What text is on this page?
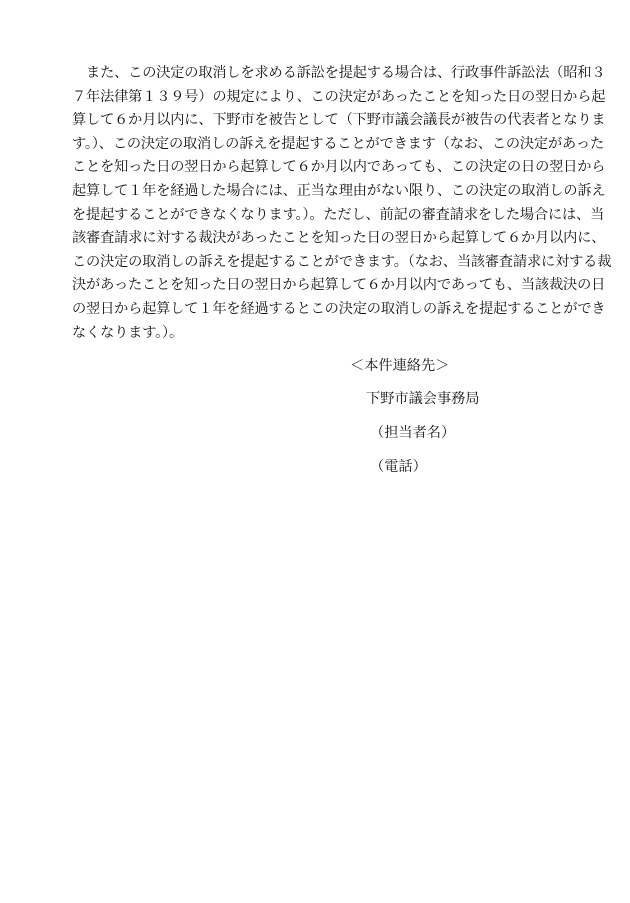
　また、この決定の取消しを求める訴訟を提起する場合は、行政事件訴訟法（昭和３
７年法律第１３９号）の規定により、この決定があったことを知った日の翌日から起
算して６か月以内に、下野市を被告として（下野市議会議長が被告の代表者となりま
す。）、この決定の取消しの訴えを提起することができます（なお、この決定があった
ことを知った日の翌日から起算して６か月以内であっても、この決定の日の翌日から
起算して１年を経過した場合には、正当な理由がない限り、この決定の取消しの訴え
を提起することができなくなります。）。ただし、前記の審査請求をした場合には、当
該審査請求に対する裁決があったことを知った日の翌日から起算して６か月以内に、
この決定の取消しの訴えを提起することができます。（なお、当該審査請求に対する裁
決があったことを知った日の翌日から起算して６か月以内であっても、当該裁決の日
の翌日から起算して１年を経過するとこの決定の取消しの訴えを提起することができ
なくなります。）。
＜本件連絡先＞
下野市議会事務局
（担当者名）
（電話）
